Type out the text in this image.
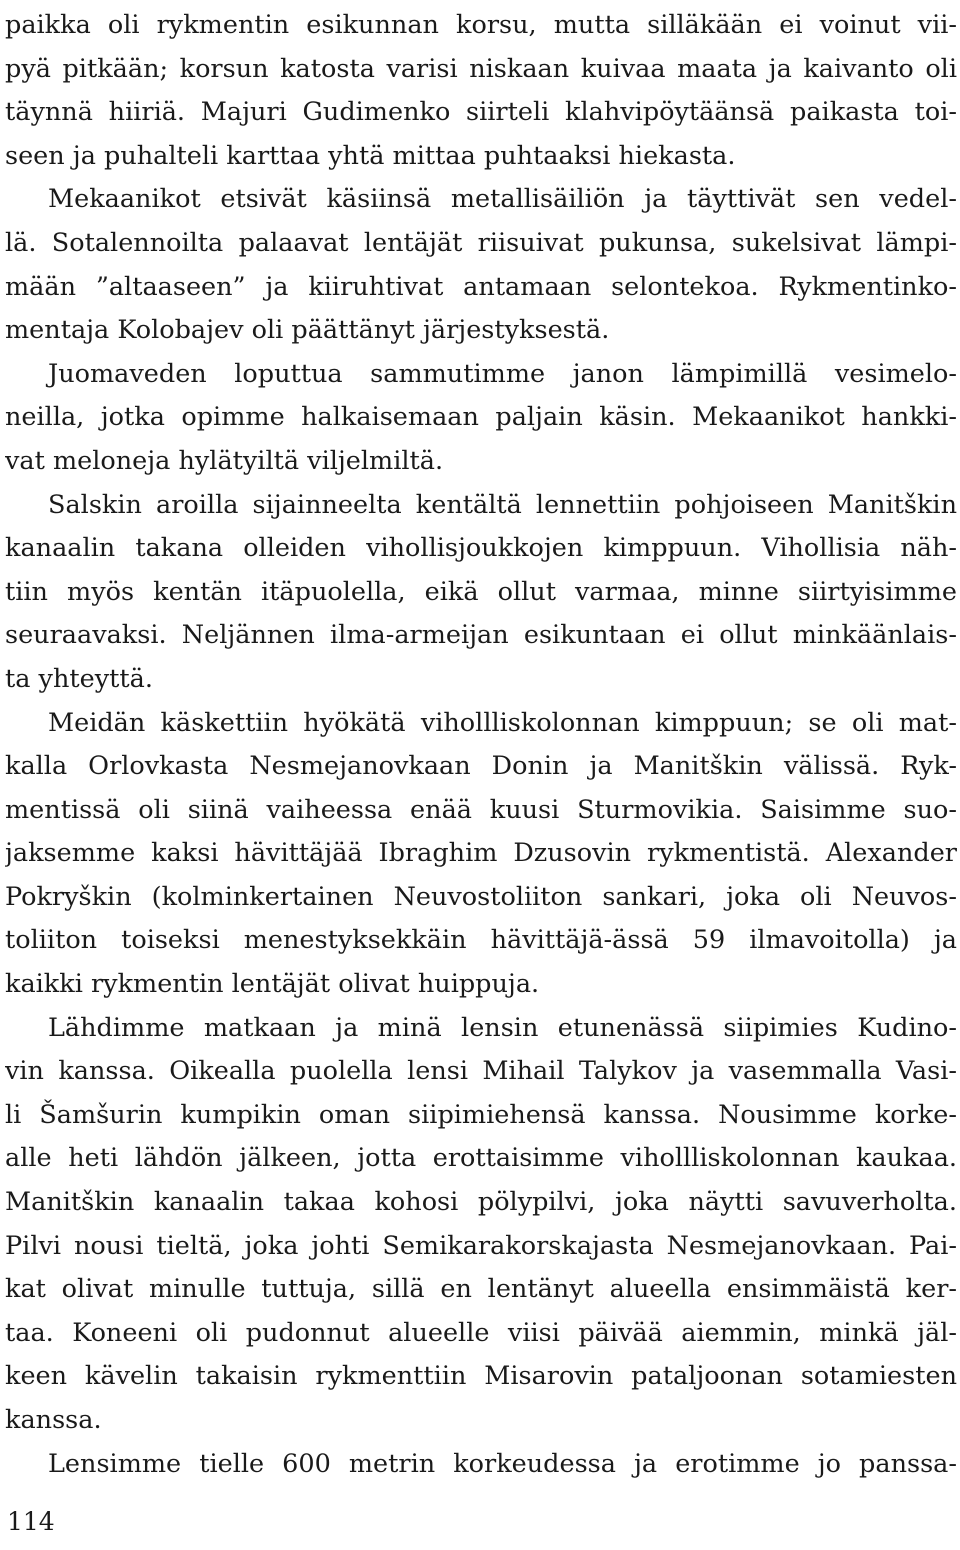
paikka oli rykmentin esikunnan korsu, mutta silläkään ei voinut vii-
pyä pitkään; korsun katosta varisi niskaan kuivaa maata ja kaivanto oli
täynnä hiiriä. Majuri Gudimenko siirteli klahvipöytäänsä paikasta toi-
seen ja puhalteli karttaa yhtä mittaa puhtaaksi hiekasta.
Mekaanikot etsivät käsiinsä metallisäiliön ja täyttivät sen vedel-
lä. Sotalennoilta palaavat lentäjät riisuivat pukunsa, sukelsivat lämpi-
mään ”altaaseen” ja kiiruhtivat antamaan selontekoa. Rykmentinko-
mentaja Kolobajev oli päättänyt järjestyksestä.
Juomaveden loputtua sammutimme janon lämpimillä vesimelo-
neilla, jotka opimme halkaisemaan paljain käsin. Mekaanikot hankki-
vat meloneja hylätyiltä viljelmiltä.
Salskin aroilla sijainneelta kentältä lennettiin pohjoiseen Manitškin
kanaalin takana olleiden vihollisjoukkojen kimppuun. Vihollisia näh-
tiin myös kentän itäpuolella, eikä ollut varmaa, minne siirtyisimme
seuraavaksi. Neljännen ilma-armeijan esikuntaan ei ollut minkäänlais-
ta yhteyttä.
Meidän käskettiin hyökätä vihollliskolonnan kimppuun; se oli mat-
kalla Orlovkasta Nesmejanovkaan Donin ja Manitškin välissä. Ryk-
mentissä oli siinä vaiheessa enää kuusi Sturmovikia. Saisimme suo-
jaksemme kaksi hävittäjää Ibraghim Dzusovin rykmentistä. Alexander
Pokryškin (kolminkertainen Neuvostoliiton sankari, joka oli Neuvos-
toliiton toiseksi menestyksekkäin hävittäjä-ässä 59 ilmavoitolla) ja
kaikki rykmentin lentäjät olivat huippuja.
Lähdimme matkaan ja minä lensin etunenässä siipimies Kudino-
vin kanssa. Oikealla puolella lensi Mihail Talykov ja vasemmalla Vasi-
li Šamšurin kumpikin oman siipimiehensä kanssa. Nousimme korke-
alle heti lähdön jälkeen, jotta erottaisimme vihollliskolonnan kaukaa.
Manitškin kanaalin takaa kohosi pölypilvi, joka näytti savuverholta.
Pilvi nousi tieltä, joka johti Semikarakorskajasta Nesmejanovkaan. Pai-
kat olivat minulle tuttuja, sillä en lentänyt alueella ensimmäistä ker-
taa. Koneeni oli pudonnut alueelle viisi päivää aiemmin, minkä jäl-
keen kävelin takaisin rykmenttiin Misarovin pataljoonan sotamiesten
kanssa.
Lensimme tielle 600 metrin korkeudessa ja erotimme jo panssa-
114
